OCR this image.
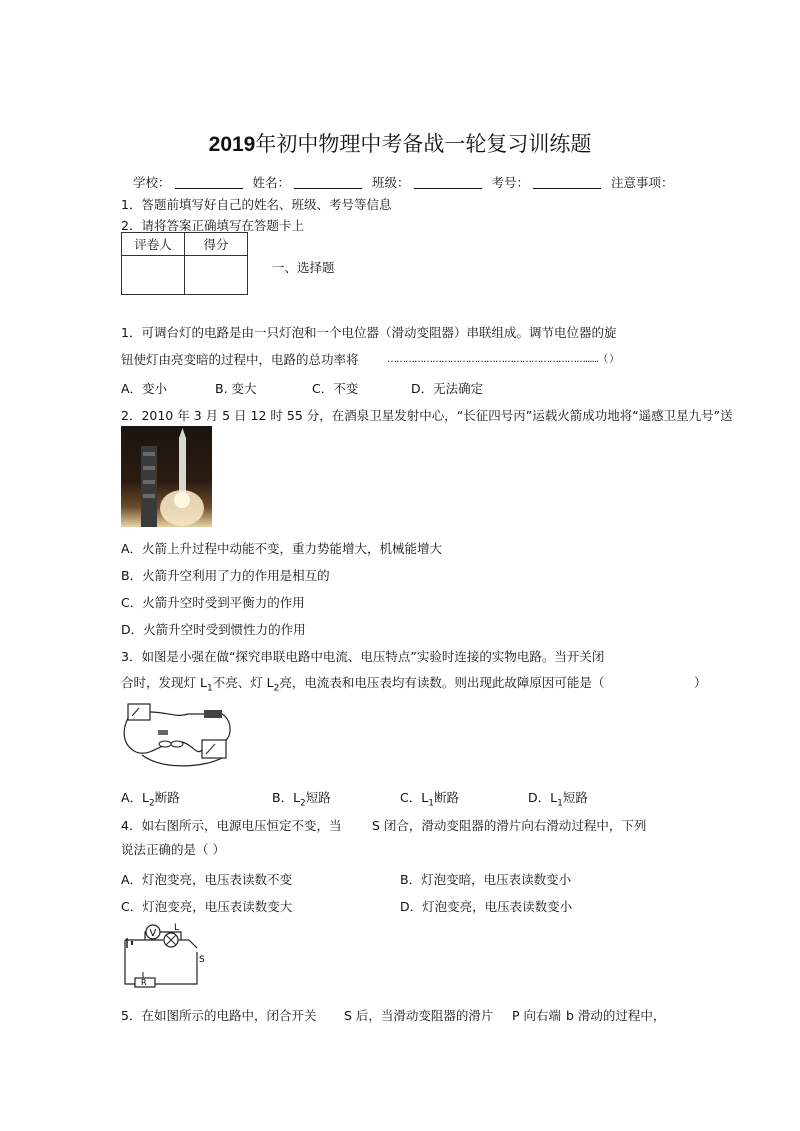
2019年初中物理中考备战一轮复习训练题
学校：	姓名：	班级：	考号：	注意事项：
1．答题前填写好自己的姓名、班级、考号等信息
2．请将答案正确填写在答题卡上
评卷人	得分

一、选择题
1．可调台灯的电路是由一只灯泡和一个电位器（滑动变阻器）串联组成。调节电位器的旋
钮使灯由亮变暗的过程中，电路的总功率将	…………………………………………………………......（ ）
A．变小	B. 变大	C．不变	D．无法确定
2．2010 年 3 月 5 日 12 时 55 分，在酒泉卫星发射中心，“长征四号丙”运载火箭成功地将“遥感卫星九号”送
A．火箭上升过程中动能不变，重力势能增大，机械能增大
B．火箭升空利用了力的作用是相互的
C．火箭升空时受到平衡力的作用
D．火箭升空时受到惯性力的作用
3．如图是小强在做“探究串联电路中电流、电压特点”实验时连接的实物电路。当开关闭
合时，发现灯 $L_1$不亮、灯 $L_2$亮，电流表和电压表均有读数。则出现此故障原因可能是（	）
A．$L_2$断路	B．$L_2$短路	C．$L_1$断路	D．$L_1$短路
4．如右图所示，电源电压恒定不变，当 S 闭合，滑动变阻器的滑片向右滑动过程中，下列
说法正确的是（ ）
A．灯泡变亮，电压表读数不变	B．灯泡变暗，电压表读数变小
C．灯泡变亮，电压表读数变大	D．灯泡变亮，电压表读数变小
V L
S
R
5．在如图所示的电路中，闭合开关 S 后，当滑动变阻器的滑片 P 向右端 b 滑动的过程中，
